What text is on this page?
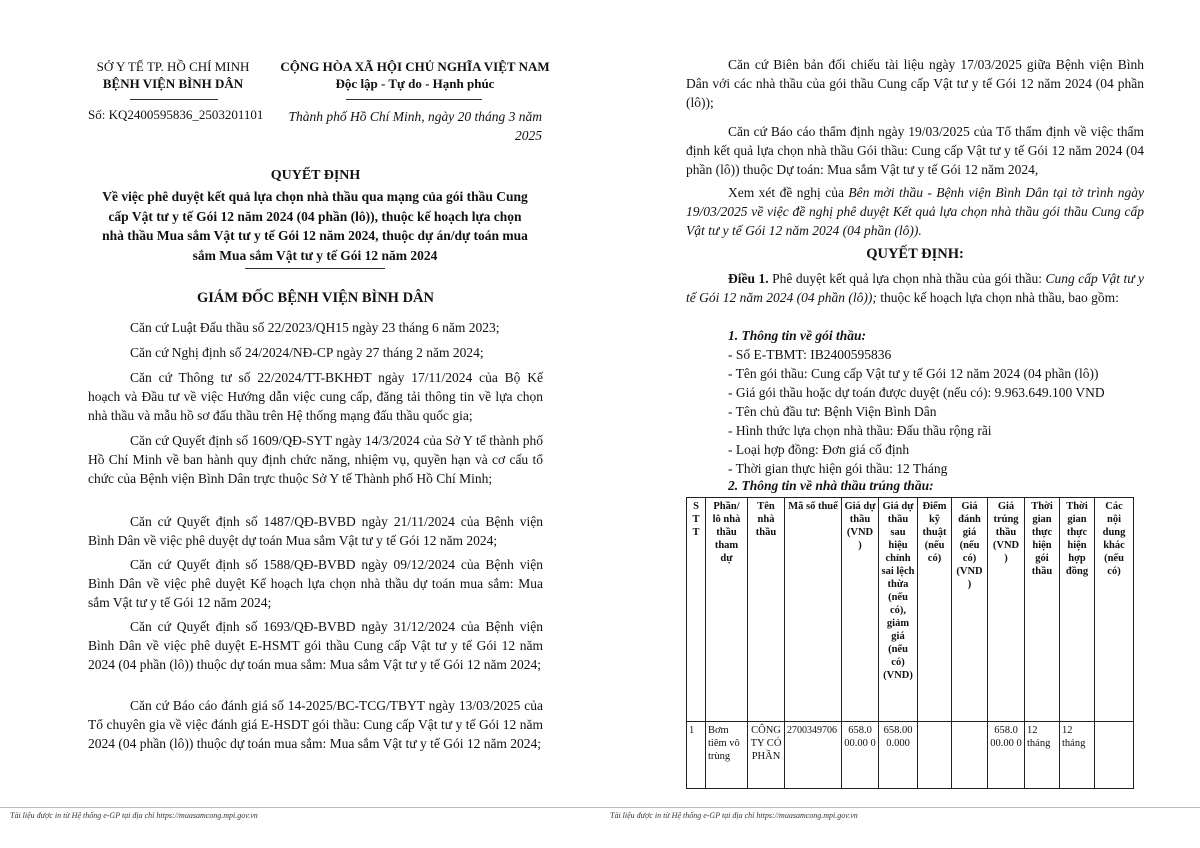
SỞ Y TẾ TP. HỒ CHÍ MINH
BỆNH VIỆN BÌNH DÂN
CỘNG HÒA XÃ HỘI CHỦ NGHĨA VIỆT NAM
Độc lập - Tự do - Hạnh phúc
Số: KQ2400595836_2503201101	Thành phố Hồ Chí Minh, ngày 20 tháng 3 năm
2025
QUYẾT ĐỊNH
Về việc phê duyệt kết quả lựa chọn nhà thầu qua mạng của gói thầu Cung cấp Vật tư y tế Gói 12 năm 2024 (04 phần (lô)), thuộc kế hoạch lựa chọn nhà thầu Mua sắm Vật tư y tế Gói 12 năm 2024, thuộc dự án/dự toán mua sắm Mua sắm Vật tư y tế Gói 12 năm 2024
GIÁM ĐỐC BỆNH VIỆN BÌNH DÂN
Căn cứ Luật Đấu thầu số 22/2023/QH15 ngày 23 tháng 6 năm 2023;
Căn cứ Nghị định số 24/2024/NĐ-CP ngày 27 tháng 2 năm 2024;
Căn cứ Thông tư số 22/2024/TT-BKHĐT ngày 17/11/2024 của Bộ Kế hoạch và Đầu tư về việc Hướng dẫn việc cung cấp, đăng tải thông tin về lựa chọn nhà thầu và mẫu hồ sơ đấu thầu trên Hệ thống mạng đấu thầu quốc gia;
Căn cứ Quyết định số 1609/QĐ-SYT ngày 14/3/2024 của Sở Y tế thành phố Hồ Chí Minh về ban hành quy định chức năng, nhiệm vụ, quyền hạn và cơ cấu tổ chức của Bệnh viện Bình Dân trực thuộc Sở Y tế Thành phố Hồ Chí Minh;
Căn cứ Quyết định số 1487/QĐ-BVBD ngày 21/11/2024 của Bệnh viện Bình Dân về việc phê duyệt dự toán Mua sắm Vật tư y tế Gói 12 năm 2024;
Căn cứ Quyết định số 1588/QĐ-BVBD ngày 09/12/2024 của Bệnh viện Bình Dân về việc phê duyệt Kế hoạch lựa chọn nhà thầu dự toán mua sắm: Mua sắm Vật tư y tế Gói 12 năm 2024;
Căn cứ Quyết định số 1693/QĐ-BVBD ngày 31/12/2024 của Bệnh viện Bình Dân về việc phê duyệt E-HSMT gói thầu Cung cấp Vật tư y tế Gói 12 năm 2024 (04 phần (lô)) thuộc dự toán mua sắm: Mua sắm Vật tư y tế Gói 12 năm 2024;
Căn cứ Báo cáo đánh giá số 14-2025/BC-TCG/TBYT ngày 13/03/2025 của Tổ chuyên gia về việc đánh giá E-HSDT gói thầu: Cung cấp Vật tư y tế Gói 12 năm 2024 (04 phần (lô)) thuộc dự toán mua sắm: Mua sắm Vật tư y tế Gói 12 năm 2024;
Tài liệu được in từ Hệ thống e-GP tại địa chỉ https://muasamcong.mpi.gov.vn	Tài liệu được in từ Hệ thống e-GP tại địa chỉ https://muasamcong.mpi.gov.vn
Căn cứ Biên bản đối chiếu tài liệu ngày 17/03/2025 giữa Bệnh viện Bình Dân với các nhà thầu của gói thầu Cung cấp Vật tư y tế Gói 12 năm 2024 (04 phần (lô));
Căn cứ Báo cáo thẩm định ngày 19/03/2025 của Tổ thẩm định về việc thẩm định kết quả lựa chọn nhà thầu Gói thầu: Cung cấp Vật tư y tế Gói 12 năm 2024 (04 phần (lô)) thuộc Dự toán: Mua sắm Vật tư y tế Gói 12 năm 2024,
Xem xét đề nghị của Bên mời thầu - Bệnh viện Bình Dân tại tờ trình ngày 19/03/2025 về việc đề nghị phê duyệt Kết quả lựa chọn nhà thầu gói thầu Cung cấp Vật tư y tế Gói 12 năm 2024 (04 phần (lô)).
QUYẾT ĐỊNH:
Điều 1. Phê duyệt kết quả lựa chọn nhà thầu của gói thầu: Cung cấp Vật tư y tế Gói 12 năm 2024 (04 phần (lô)); thuộc kế hoạch lựa chọn nhà thầu, bao gồm:
1. Thông tin về gói thầu:
- Số E-TBMT: IB2400595836
- Tên gói thầu: Cung cấp Vật tư y tế Gói 12 năm 2024 (04 phần (lô))
- Giá gói thầu hoặc dự toán được duyệt (nếu có): 9.963.649.100 VND
- Tên chủ đầu tư: Bệnh Viện Bình Dân
- Hình thức lựa chọn nhà thầu: Đấu thầu rộng rãi
- Loại hợp đồng: Đơn giá cố định
- Thời gian thực hiện gói thầu: 12 Tháng
2. Thông tin về nhà thầu trúng thầu:
S T T	Phần/ lô nhà thầu tham dự	Tên nhà thầu	Mã số thuế	Giá dự thầu (VND )	Giá dự thầu sau hiệu chỉnh sai lệch thừa (nếu có), giảm giá (nếu có) (VND)	Điểm kỹ thuật (nếu có)	Giá đánh giá (nếu có) (VND )	Giá trúng thầu (VND )	Thời gian thực hiện gói thầu	Thời gian thực hiện hợp đồng	Các nội dung khác (nếu có)
1	Bơm tiêm vô trùng	CÔNG TY CÓ PHẦN	2700349706	658.0 00.00 0	658.00 0.000			658.0 00.00 0	12 tháng	12 tháng	
